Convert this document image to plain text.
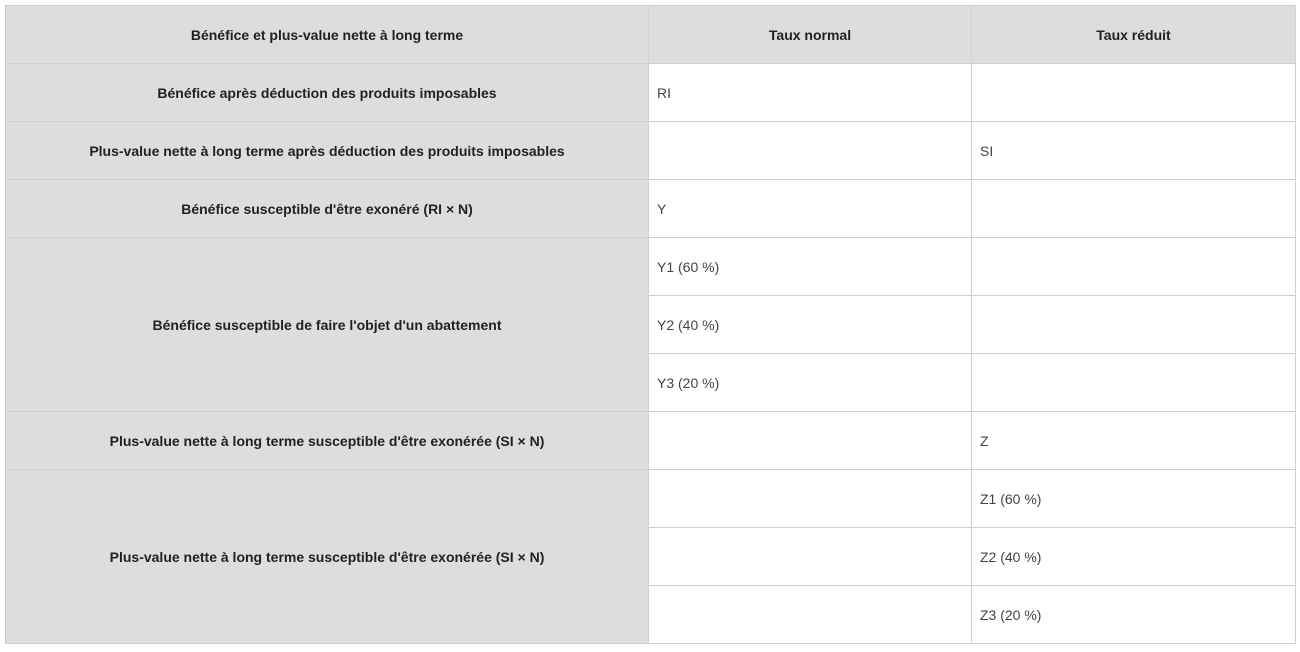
Bénéfice et plus-value nette à long terme	Taux normal	Taux réduit
Bénéfice après déduction des produits imposables	RI	
Plus-value nette à long terme après déduction des produits imposables		SI
Bénéfice susceptible d'être exonéré (RI × N)	Y	
Bénéfice susceptible de faire l'objet d'un abattement	Y1 (60 %)	
	Y2 (40 %)	
	Y3 (20 %)	
Plus-value nette à long terme susceptible d'être exonérée (SI × N)		Z
Plus-value nette à long terme susceptible d'être exonérée (SI × N)		Z1 (60 %)
		Z2 (40 %)
		Z3 (20 %)
